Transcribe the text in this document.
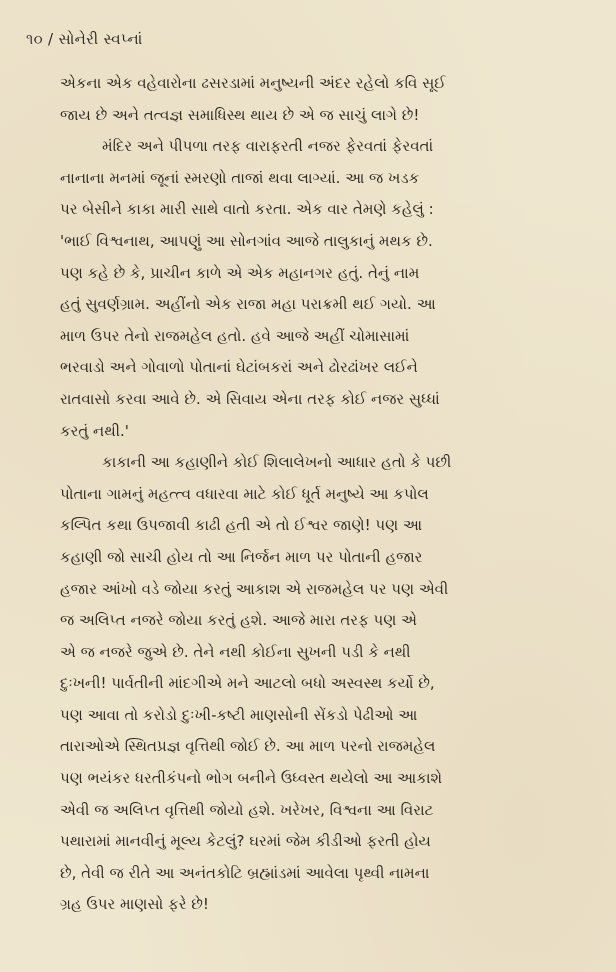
૧૦ / સોનેરી સ્વપ્નાં
એકના એક વહેવારોના ઢસરડામાં મનુષ્યની અંદર રહેલો કવિ સૂઈ
જાય છે અને તત્વજ્ઞ સમાધિસ્થ થાય છે એ જ સાચું લાગે છે!
મંદિર અને પીપળા તરફ વારાફરતી નજર ફેરવતાં ફેરવતાં
નાનાના મનમાં જૂનાં સ્મરણો તાજાં થવા લાગ્યાં. આ જ ખડક
પર બેસીને કાકા મારી સાથે વાતો કરતા. એક વાર તેમણે કહેલું :
'ભાઈ વિશ્વનાથ, આપણું આ સોનગાંવ આજે તાલુકાનું મથક છે.
પણ કહે છે કે, પ્રાચીન કાળે એ એક મહાનગર હતું. તેનું નામ
હતું સુવર્ણગ્રામ. અહીંનો એક રાજા મહા પરાક્રમી થઈ ગયો. આ
માળ ઉપર તેનો રાજમહેલ હતો. હવે આજે અહીં ચોમાસામાં
ભરવાડો અને ગોવાળો પોતાનાં ઘેટાંબકરાં અને ઢોરઢાંખર લઈને
રાતવાસો કરવા આવે છે. એ સિવાય એના તરફ કોઈ નજર સુધ્ધાં
કરતું નથી.'
કાકાની આ કહાણીને કોઈ શિલાલેખનો આધાર હતો કે પછી
પોતાના ગામનું મહત્ત્વ વધારવા માટે કોઈ ધૂર્ત મનુષ્યે આ કપોલ
કલ્પિત કથા ઉપજાવી કાઢી હતી એ તો ઈશ્વર જાણે! પણ આ
કહાણી જો સાચી હોય તો આ નિર્જન માળ પર પોતાની હજાર
હજાર આંખો વડે જોયા કરતું આકાશ એ રાજમહેલ પર પણ એવી
જ અલિપ્ત નજરે જોયા કરતું હશે. આજે મારા તરફ પણ એ
એ જ નજરે જુએ છે. તેને નથી કોઈના સુખની પડી કે નથી
દુઃખની! પાર્વતીની માંદગીએ મને આટલો બધો અસ્વસ્થ કર્યો છે,
પણ આવા તો કરોડો દુઃખી-કષ્ટી માણસોની સેંકડો પેઢીઓ આ
તારાઓએ સ્થિતપ્રજ્ઞ વૃત્તિથી જોઈ છે. આ માળ પરનો રાજમહેલ
પણ ભયંકર ધરતીકંપનો ભોગ બનીને ઉધ્વસ્ત થયેલો આ આકાશે
એવી જ અલિપ્ત વૃત્તિથી જોયો હશે. ખરેખર, વિશ્વના આ વિરાટ
પથારામાં માનવીનું મૂલ્ય કેટલું? ઘરમાં જેમ કીડીઓ ફરતી હોય
છે, તેવી જ રીતે આ અનંતકોટિ બ્રહ્માંડમાં આવેલા પૃથ્વી નામના
ગ્રહ ઉપર માણસો ફરે છે!
